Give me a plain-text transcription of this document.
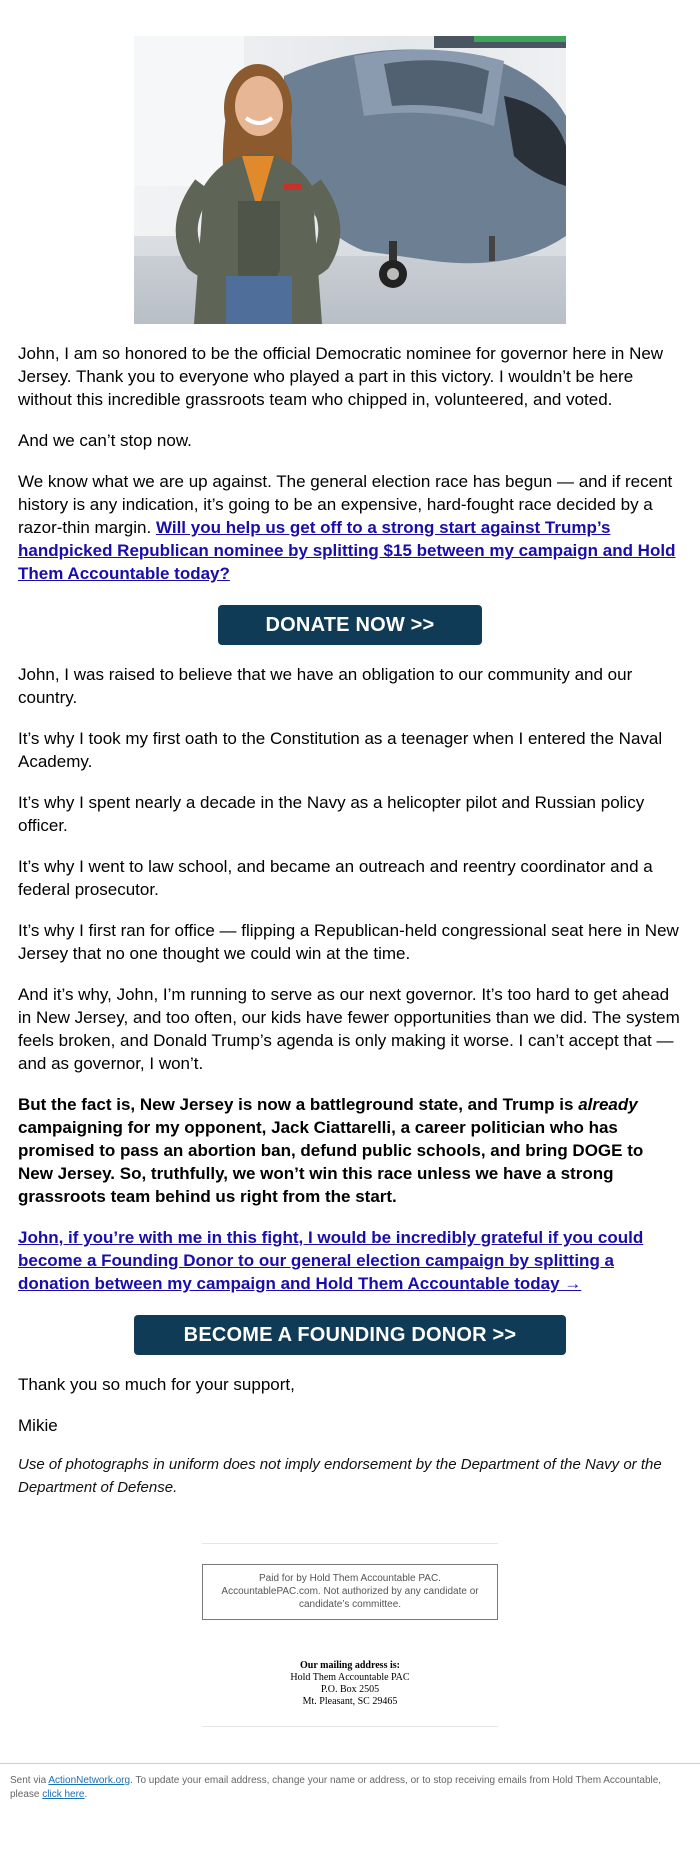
John, I am so honored to be the official Democratic nominee for governor here in New Jersey. Thank you to everyone who played a part in this victory. I wouldn’t be here without this incredible grassroots team who chipped in, volunteered, and voted.

And we can’t stop now.

We know what we are up against. The general election race has begun — and if recent history is any indication, it’s going to be an expensive, hard-fought race decided by a razor-thin margin. Will you help us get off to a strong start against Trump’s handpicked Republican nominee by splitting $15 between my campaign and Hold Them Accountable today?

DONATE NOW >>

John, I was raised to believe that we have an obligation to our community and our country.

It’s why I took my first oath to the Constitution as a teenager when I entered the Naval Academy.

It’s why I spent nearly a decade in the Navy as a helicopter pilot and Russian policy officer.

It’s why I went to law school, and became an outreach and reentry coordinator and a federal prosecutor.

It’s why I first ran for office — flipping a Republican-held congressional seat here in New Jersey that no one thought we could win at the time.

And it’s why, John, I’m running to serve as our next governor. It’s too hard to get ahead in New Jersey, and too often, our kids have fewer opportunities than we did. The system feels broken, and Donald Trump’s agenda is only making it worse. I can’t accept that — and as governor, I won’t.

But the fact is, New Jersey is now a battleground state, and Trump is already campaigning for my opponent, Jack Ciattarelli, a career politician who has promised to pass an abortion ban, defund public schools, and bring DOGE to New Jersey. So, truthfully, we won’t win this race unless we have a strong grassroots team behind us right from the start.

John, if you’re with me in this fight, I would be incredibly grateful if you could become a Founding Donor to our general election campaign by splitting a donation between my campaign and Hold Them Accountable today →
BECOME A FOUNDING DONOR >>

Thank you so much for your support,

Mikie

Use of photographs in uniform does not imply endorsement by the Department of the Navy or the Department of Defense.

Paid for by Hold Them Accountable PAC.
AccountablePAC.com. Not authorized by any candidate or candidate’s committee.
Our mailing address is:
Hold Them Accountable PAC
P.O. Box 2505
Mt. Pleasant, SC 29465
Sent via ActionNetwork.org. To update your email address, change your name or address, or to stop receiving emails from Hold Them Accountable, please click here.
